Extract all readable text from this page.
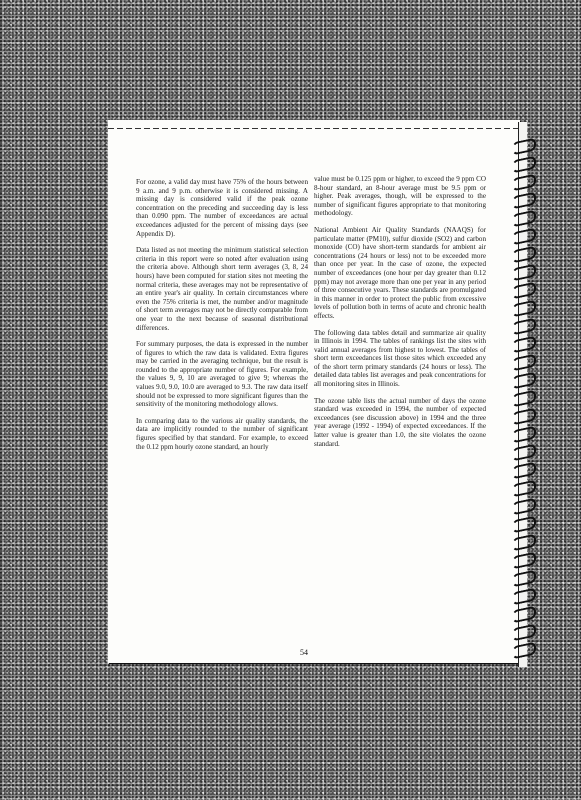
For ozone, a valid day must have 75% of the hours between 9 a.m. and 9 p.m. otherwise it is considered missing. A missing day is considered valid if the peak ozone concentration on the preceding and succeeding day is less than 0.090 ppm. The number of exceedances are actual exceedances adjusted for the percent of missing days (see Appendix D).

Data listed as not meeting the minimum statistical selection criteria in this report were so noted after evaluation using the criteria above. Although short term averages (3, 8, 24 hours) have been computed for station sites not meeting the normal criteria, these averages may not be representative of an entire year's air quality. In certain circumstances where even the 75% criteria is met, the number and/or magnitude of short term averages may not be directly comparable from one year to the next because of seasonal distributional differences.

For summary purposes, the data is expressed in the number of figures to which the raw data is validated. Extra figures may be carried in the averaging technique, but the result is rounded to the appropriate number of figures. For example, the values 9, 9, 10 are averaged to give 9; whereas the values 9.0, 9.0, 10.0 are averaged to 9.3. The raw data itself should not be expressed to more significant figures than the sensitivity of the monitoring methodology allows.

In comparing data to the various air quality standards, the data are implicitly rounded to the number of significant figures specified by that standard. For example, to exceed the 0.12 ppm hourly ozone standard, an hourly

value must be 0.125 ppm or higher, to exceed the 9 ppm CO 8-hour standard, an 8-hour average must be 9.5 ppm or higher. Peak averages, though, will be expressed to the number of significant figures appropriate to that monitoring methodology.

National Ambient Air Quality Standards (NAAQS) for particulate matter (PM10), sulfur dioxide (SO2) and carbon monoxide (CO) have short-term standards for ambient air concentrations (24 hours or less) not to be exceeded more than once per year. In the case of ozone, the expected number of exceedances (one hour per day greater than 0.12 ppm) may not average more than one per year in any period of three consecutive years. These standards are promulgated in this manner in order to protect the public from excessive levels of pollution both in terms of acute and chronic health effects.

The following data tables detail and summarize air quality in Illinois in 1994. The tables of rankings list the sites with valid annual averages from highest to lowest. The tables of short term exceedances list those sites which exceeded any of the short term primary standards (24 hours or less). The detailed data tables list averages and peak concentrations for all monitoring sites in Illinois.

The ozone table lists the actual number of days the ozone standard was exceeded in 1994, the number of expected exceedances (see discussion above) in 1994 and the three year average (1992 - 1994) of expected exceedances. If the latter value is greater than 1.0, the site violates the ozone standard.

54
